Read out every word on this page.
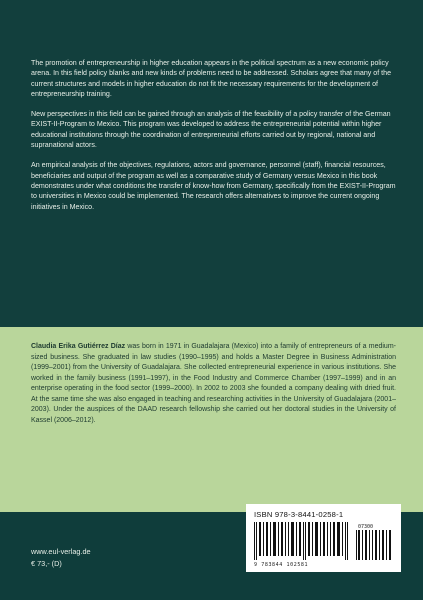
The promotion of entrepreneurship in higher education appears in the political spectrum as a new economic policy arena. In this field policy blanks and new kinds of problems need to be addressed. Scholars agree that many of the current structures and models in higher education do not fit the necessary requirements for the development of entrepreneurship training.

New perspectives in this field can be gained through an analysis of the feasibility of a policy transfer of the German EXIST-II-Program to Mexico. This program was developed to address the entrepreneurial potential within higher educational institutions through the coordination of entrepreneurial efforts carried out by regional, national and supranational actors.

An empirical analysis of the objectives, regulations, actors and governance, personnel (staff), financial resources, beneficiaries and output of the program as well as a comparative study of Germany versus Mexico in this book demonstrates under what conditions the transfer of know-how from Germany, specifically from the EXIST-II-Program to universities in Mexico could be implemented. The research offers alternatives to improve the current ongoing initiatives in Mexico.

Claudia Erika Gutiérrez Díaz was born in 1971 in Guadalajara (Mexico) into a family of entrepreneurs of a medium-sized business. She graduated in law studies (1990–1995) and holds a Master Degree in Business Administration (1999–2001) from the University of Guadalajara. She collected entrepreneurial experience in various institutions. She worked in the family business (1991–1997), in the Food Industry and Commerce Chamber (1997–1999) and in an enterprise operating in the food sector (1999–2000). In 2002 to 2003 she founded a company dealing with dried fruit. At the same time she was also engaged in teaching and researching activities in the University of Guadalajara (2001–2003). Under the auspices of the DAAD research fellowship she carried out her doctoral studies in the University of Kassel (2006–2012).
www.eul-verlag.de
€ 73,- (D)
ISBN 978-3-8441-0258-1
07300
9 783844 102581
